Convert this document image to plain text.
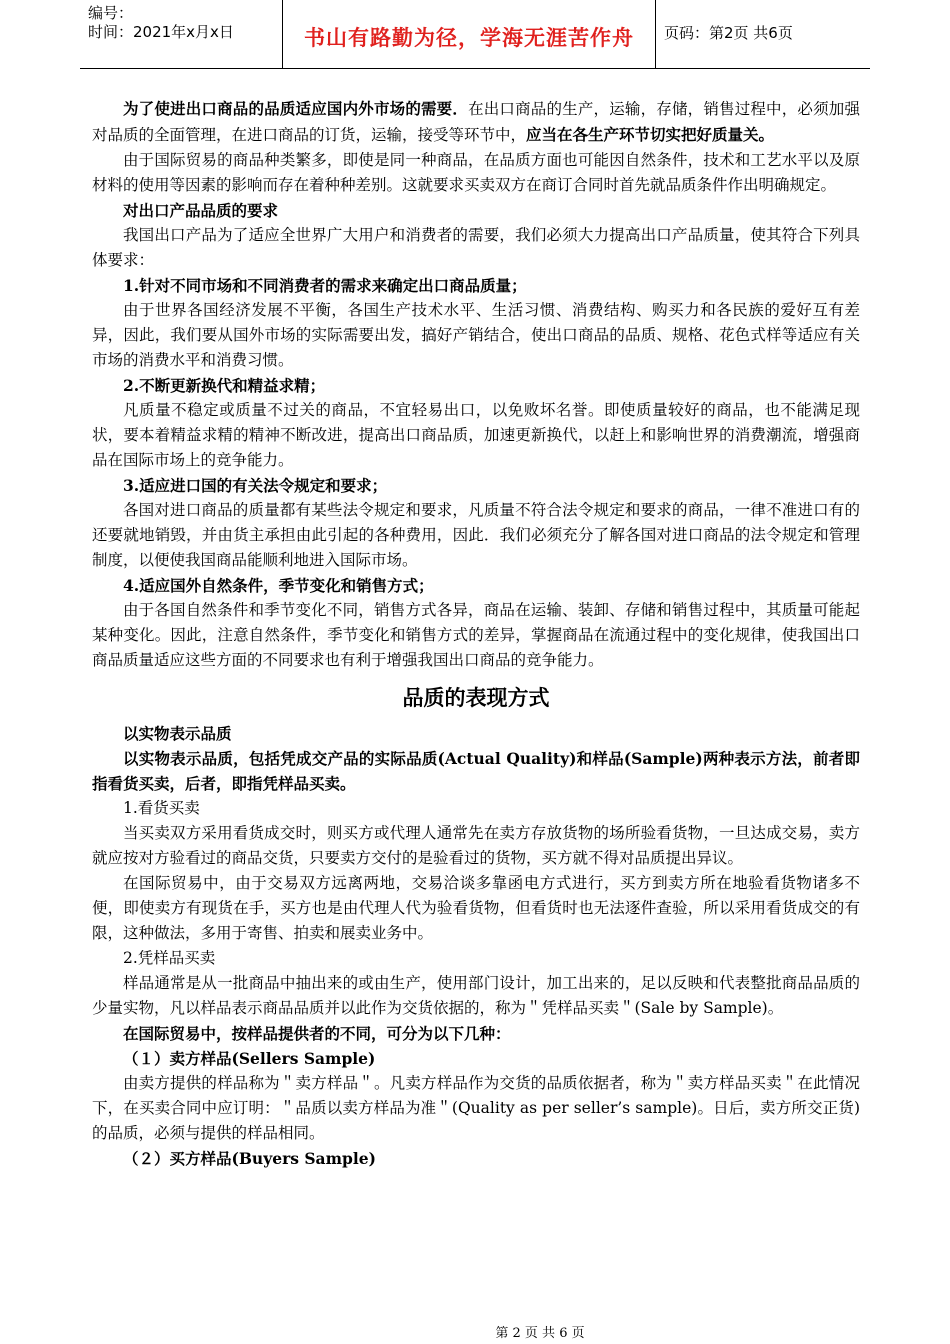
编号：
时间：2021年x月x日	书山有路勤为径，学海无涯苦作舟	页码：第2页 共6页

为了使进出口商品的品质适应国内外市场的需要．在出口商品的生产，运输，存储，销售过程中，必须加强对品质的全面管理，在进口商品的订货，运输，接受等环节中，应当在各生产环节切实把好质量关。

由于国际贸易的商品种类繁多，即使是同一种商品，在品质方面也可能因自然条件，技术和工艺水平以及原材料的使用等因素的影响而存在着种种差别。这就要求买卖双方在商订合同时首先就品质条件作出明确规定。

对出口产品品质的要求

我国出口产品为了适应全世界广大用户和消费者的需要，我们必须大力提高出口产品质量，使其符合下列具体要求：

1.针对不同市场和不同消费者的需求来确定出口商品质量；

由于世界各国经济发展不平衡，各国生产技术水平、生活习惯、消费结构、购买力和各民族的爱好互有差异，因此，我们要从国外市场的实际需要出发，搞好产销结合，使出口商品的品质、规格、花色式样等适应有关市场的消费水平和消费习惯。

2.不断更新换代和精益求精；

凡质量不稳定或质量不过关的商品，不宜轻易出口，以免败坏名誉。即使质量较好的商品，也不能满足现状，要本着精益求精的精神不断改进，提高出口商品质，加速更新换代，以赶上和影响世界的消费潮流，增强商品在国际市场上的竞争能力。

3.适应进口国的有关法令规定和要求；

各国对进口商品的质量都有某些法令规定和要求，凡质量不符合法令规定和要求的商品，一律不准进口有的还要就地销毁，并由货主承担由此引起的各种费用，因此．我们必须充分了解各国对进口商品的法令规定和管理制度，以便使我国商品能顺利地进入国际市场。

4.适应国外自然条件，季节变化和销售方式；

由于各国自然条件和季节变化不同，销售方式各异，商品在运输、装卸、存储和销售过程中，其质量可能起某种变化。因此，注意自然条件，季节变化和销售方式的差异，掌握商品在流通过程中的变化规律，使我国出口商品质量适应这些方面的不同要求也有利于增强我国出口商品的竞争能力。

品质的表现方式

以实物表示品质

以实物表示品质，包括凭成交产品的实际品质(Actual Quality)和样品(Sample)两种表示方法，前者即指看货买卖，后者，即指凭样品买卖。

1.看货买卖

当买卖双方采用看货成交时，则买方或代理人通常先在卖方存放货物的场所验看货物，一旦达成交易，卖方就应按对方验看过的商品交货，只要卖方交付的是验看过的货物，买方就不得对品质提出异议。

在国际贸易中，由于交易双方远离两地，交易洽谈多靠函电方式进行，买方到卖方所在地验看货物诸多不便，即使卖方有现货在手，买方也是由代理人代为验看货物，但看货时也无法逐件查验，所以采用看货成交的有限，这种做法，多用于寄售、拍卖和展卖业务中。

2.凭样品买卖

样品通常是从一批商品中抽出来的或由生产，使用部门设计，加工出来的，足以反映和代表整批商品品质的少量实物，凡以样品表示商品品质并以此作为交货依据的，称为＂凭样品买卖＂(Sale by Sample)。

在国际贸易中，按样品提供者的不同，可分为以下几种：

（１）卖方样品(Sellers Sample)

由卖方提供的样品称为＂卖方样品＂。凡卖方样品作为交货的品质依据者，称为＂卖方样品买卖＂在此情况下，在买卖合同中应订明：＂品质以卖方样品为准＂(Quality as per seller’s sample)。日后，卖方所交正货)的品质，必须与提供的样品相同。

（２）买方样品(Buyers Sample)

第 2 页 共 6 页
